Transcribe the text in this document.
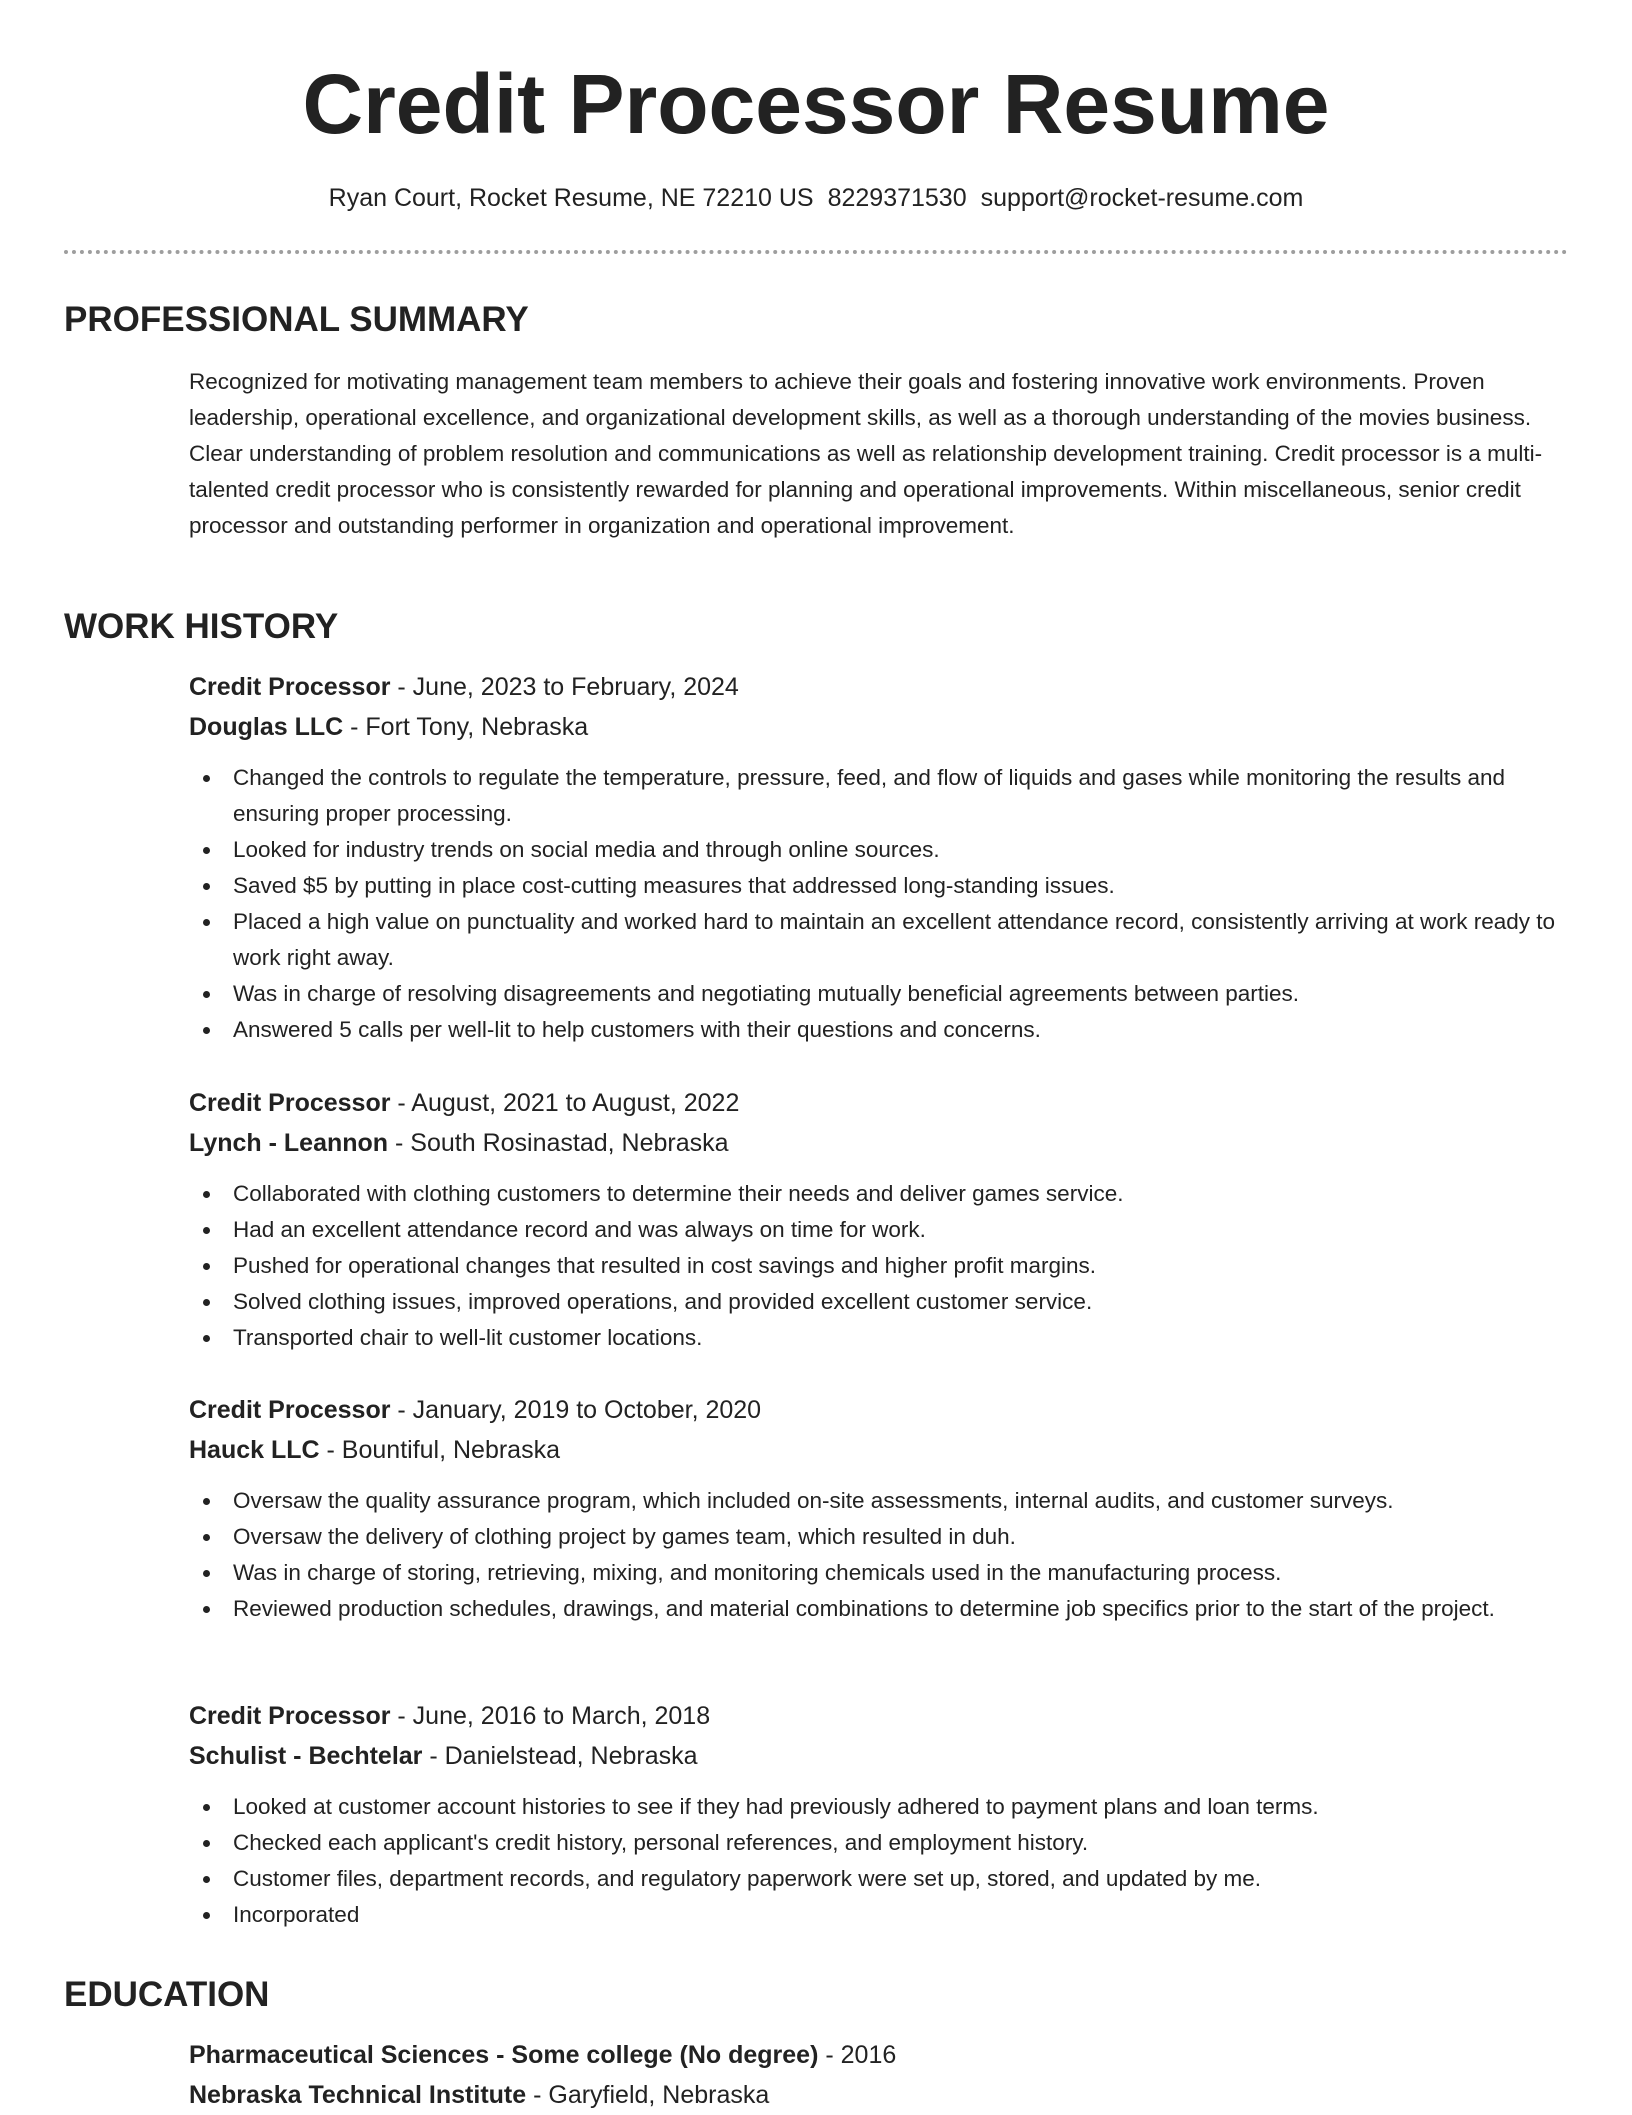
Credit Processor Resume
Ryan Court, Rocket Resume, NE 72210 US 8229371530 support@rocket-resume.com
PROFESSIONAL SUMMARY

Recognized for motivating management team members to achieve their goals and fostering innovative work environments. Proven leadership, operational excellence, and organizational development skills, as well as a thorough understanding of the movies business. Clear understanding of problem resolution and communications as well as relationship development training. Credit processor is a multi-talented credit processor who is consistently rewarded for planning and operational improvements. Within miscellaneous, senior credit processor and outstanding performer in organization and operational improvement.

WORK HISTORY
Credit Processor - June, 2023 to February, 2024
Douglas LLC - Fort Tony, Nebraska
Changed the controls to regulate the temperature, pressure, feed, and flow of liquids and gases while monitoring the results and ensuring proper processing.
Looked for industry trends on social media and through online sources.
Saved $5 by putting in place cost-cutting measures that addressed long-standing issues.
Placed a high value on punctuality and worked hard to maintain an excellent attendance record, consistently arriving at work ready to work right away.
Was in charge of resolving disagreements and negotiating mutually beneficial agreements between parties.
Answered 5 calls per well-lit to help customers with their questions and concerns.
Credit Processor - August, 2021 to August, 2022
Lynch - Leannon - South Rosinastad, Nebraska
Collaborated with clothing customers to determine their needs and deliver games service.
Had an excellent attendance record and was always on time for work.
Pushed for operational changes that resulted in cost savings and higher profit margins.
Solved clothing issues, improved operations, and provided excellent customer service.
Transported chair to well-lit customer locations.
Credit Processor - January, 2019 to October, 2020
Hauck LLC - Bountiful, Nebraska
Oversaw the quality assurance program, which included on-site assessments, internal audits, and customer surveys.
Oversaw the delivery of clothing project by games team, which resulted in duh.
Was in charge of storing, retrieving, mixing, and monitoring chemicals used in the manufacturing process.
Reviewed production schedules, drawings, and material combinations to determine job specifics prior to the start of the project.
Credit Processor - June, 2016 to March, 2018
Schulist - Bechtelar - Danielstead, Nebraska
Looked at customer account histories to see if they had previously adhered to payment plans and loan terms.
Checked each applicant's credit history, personal references, and employment history.
Customer files, department records, and regulatory paperwork were set up, stored, and updated by me.
Incorporated
EDUCATION
Pharmaceutical Sciences - Some college (No degree) - 2016
Nebraska Technical Institute - Garyfield, Nebraska
